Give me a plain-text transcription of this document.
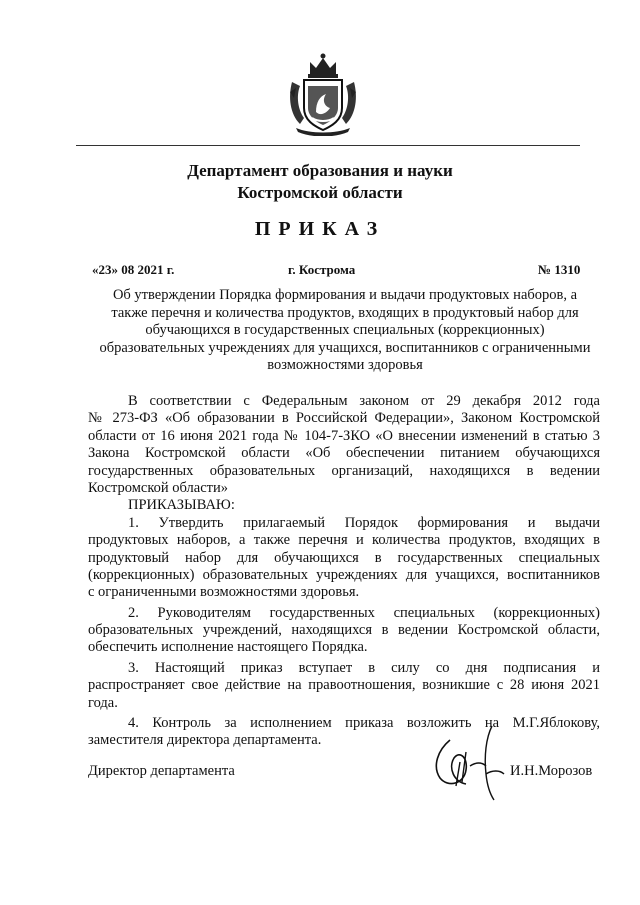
Департамент образования и науки
Костромской области
ПРИКАЗ
«23» 08 2021 г.	г. Кострома	№ 1310
Об утверждении Порядка формирования и выдачи продуктовых наборов, а
также перечня и количества продуктов, входящих в продуктовый набор для
обучающихся в государственных специальных (коррекционных)
образовательных учреждениях для учащихся, воспитанников с ограниченными
возможностями здоровья
В соответствии с Федеральным законом от 29 декабря 2012 года
№ 273-ФЗ «Об образовании в Российской Федерации», Законом Костромской
области от 16 июня 2021 года № 104-7-ЗКО «О внесении изменений в статью 3
Закона Костромской области «Об обеспечении питанием обучающихся
государственных образовательных организаций, находящихся в ведении
Костромской области»
ПРИКАЗЫВАЮ:
1. Утвердить прилагаемый Порядок формирования и выдачи
продуктовых наборов, а также перечня и количества продуктов, входящих в
продуктовый набор для обучающихся в государственных специальных
(коррекционных) образовательных учреждениях для учащихся, воспитанников
с ограниченными возможностями здоровья.
2. Руководителям государственных специальных (коррекционных)
образовательных учреждений, находящихся в ведении Костромской области,
обеспечить исполнение настоящего Порядка.
3. Настоящий приказ вступает в силу со дня подписания и
распространяет свое действие на правоотношения, возникшие с 28 июня 2021
года.
4. Контроль за исполнением приказа возложить на М.Г.Яблокову,
заместителя директора департамента.
Директор департамента	И.Н.Морозов
